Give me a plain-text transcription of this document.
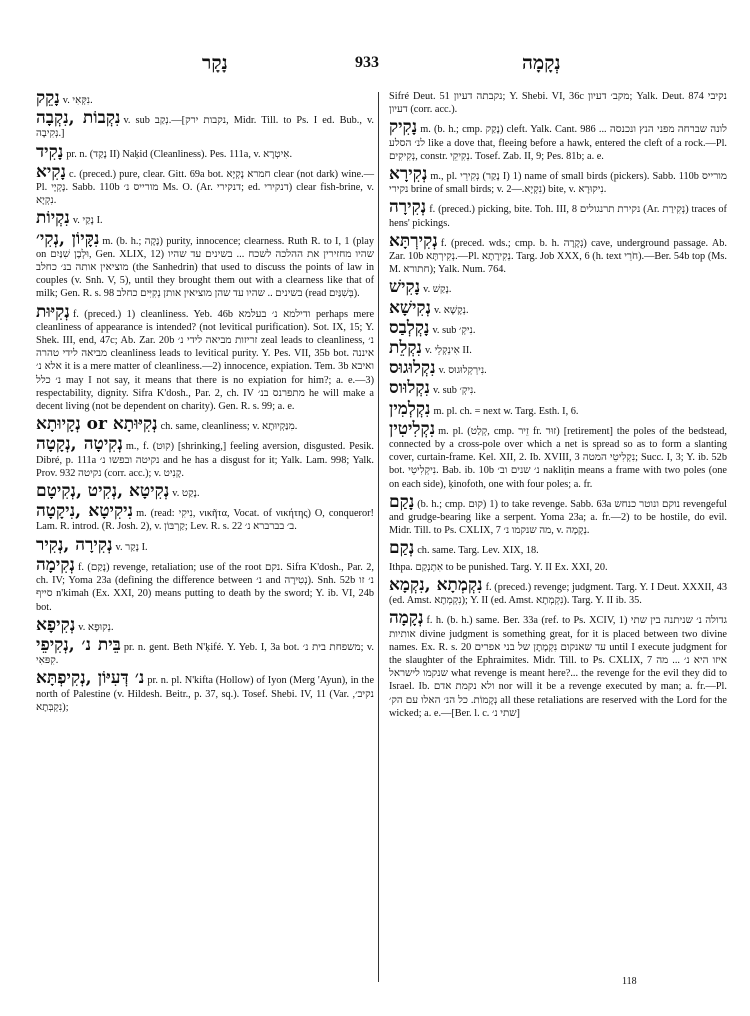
נָקָר	933	נְקָמָה

נָקֵק v. נִקְּאִי.

נִקְבוֹת ,נִקְבָה v. sub נְקַב.—[נקבות ירק, Midr. Till. to Ps. I ed. Bub., v. נְקִיבָה.]

נָקִיד pr. n. (נָקַד II) Naḳid (Cleanliness). Pes. 111a, v. אִיטְרָא.

נָקִיא c. (preced.) pure, clear. Gitt. 69a bot. חמרא נָקְיָא clear (not dark) wine.—Pl. נָקְיָי. Sabb. 110b מורייס נ׳ Ms. O. (Ar. דנקירי; ed. דנקירי) clear fish-brine, v. נִקְיָא.

נִקְיוֹת v. נָקַי I.

נִקָּיוֹן ,נְקִי׳ m. (b. h.; נָקָה) purity, innocence; clearness. Ruth R. to I, 1 (play on וּלְבֶן שִׁנַּיִם, Gen. XLIX, 12) שהיו מחזירין את ההלכה לשכח ... בשינים עד שהיו מוציאין אותה בנ׳ כחלב (the Sanhedrin) that used to discuss the points of law in couples (v. Snh. V, 5), until they brought them out with a clearness like that of milk; Gen. R. s. 98 בשינים .. שהיו עד שהן מוציאין אותן נְקִיִּים כחלב (read בְּשִׁנַּיִם).

נְקִיּוּת f. (preced.) 1) cleanliness. Yeb. 46b ודילמא נ׳ בעלמא perhaps mere cleanliness of appearance is intended? (not levitical purification). Sot. IX, 15; Y. Shek. III, end, 47c; Ab. Zar. 20b זריזות מביאה לידי נ׳ zeal leads to cleanliness, נ׳ מביאה לידי טהרה cleanliness leads to levitical purity. Y. Pes. VII, 35b bot. איננה אלא נ׳ it is a mere matter of cleanliness.—2) innocence, expiation. Tem. 3b ואיבא נ׳ כלל may I not say, it means that there is no expiation for him?; a. e.—3) respectability, dignity. Sifra K'dosh., Par. 2, ch. IV מתפרנס בנ׳ he will make a decent living (not be dependent on charity). Gen. R. s. 99; a. e.

נְקִיּוּתָא or נְקָיוּתָא ch. same, cleanliness; v. מִנַּקְיוּתָא.

נְקִיטָה ,נְקָטָה m., f. (קוּט) [shrinking,] feeling aversion, disgusted. Pesik. Dibré, p. 111a נקיטה ובפשו נ׳ and he has a disgust for it; Yalk. Lam. 998; Yalk. Prov. 932 נקיטה (corr. acc.); v. קָנִיט.

נְקִיטָא ,נְקִיט ,נְקִיטָם v. נָקַט.

נִיקִיטָא ,נִיקָטָה m. (read: נִיקִי, νικῆτα, Vocat. of νικήτης) O, conqueror! Lam. R. introd. (R. Josh. 2), v. קַרְבּוֹן; Lev. R. s. 22 ב׳ בברברא נ׳.

נְקִירָה ,נְקִיר v. נָקַר I.

נְקִימָה f. (נָקַם) revenge, retaliation; use of the root נקם. Sifra K'dosh., Par. 2, ch. IV; Yoma 23a (defining the difference between נ׳ and נְטִירָה). Snh. 52b נ׳ זו סייף n'kimah (Ex. XXI, 20) means putting to death by the sword; Y. ib. VI, 24b bot.

נְקִיפָא v. נְקוּפָא.

בֵּית נ׳ ,נְקִיפֵי pr. n. gent. Beth N'ḳifé. Y. Yeb. I, 3a bot. משפחת בית נ׳; v. קִפּאִי.

נ׳ דְּעִיּוֹן ,נְקִיפְתָּא pr. n. pl. N'kifta (Hollow) of Iyon (Merg 'Ayun), in the north of Palestine (v. Hildesh. Beitr., p. 37, sq.). Tosef. Shebi. IV, 11 (Var. נקיב׳, נִקְבְּתָא);

Sifré Deut. 51 נקבתה דעיון; Y. Shebi. VI, 36c מקב׳ דעיון; Yalk. Deut. 874 נקיבי דעיון (corr. acc.).

נָקִיק m. (b. h.; cmp. נָקַק) cleft. Yalk. Cant. 986 ... לונה שברחה מפני הנץ ונכנסה לנ׳ הסלע like a dove that, fleeing before a hawk, entered the cleft of a rock.—Pl. נְקִיקִים, constr. נְקִיקֵי. Tosef. Zab. II, 9; Pes. 81b; a. e.

נְקִירָא m., pl. נְקִירֵי (נָקַר I) 1) name of small birds (pickers). Sabb. 110b מורייס נקירי brine of small birds; v. נִקְיָא.—2) bite, v. נִיקוּרָא.

נְקִירָה f. (preced.) picking, bite. Toh. III, 8 נקירת תרנגולים (Ar. נְקִירַת) traces of hens' pickings.

נְקִירְתָּא f. (preced. wds.; cmp. b. h. נְקָרָה) cave, underground passage. Ab. Zar. 10b נְקִירְתָּא.—Pl. נְקִירָתָא. Targ. Job XXX, 6 (h. text חֹרֵי).—Ber. 54b top (Ms. M. חתורא); Yalk. Num. 764.

נָקִישׁ v. נָקַשׁ.

נְקִישָׁא v. נְקָשָׁא.

נָקְלְבַס v. sub נִיקְ׳.

נִקְלֵת v. אִינְקְלֵי II.

נִקְלוּגוּס v. נִירְקְלוּגוּס.

נִקְלוּוס v. sub נִיקְ׳.

נִקְלְמִין m. pl. ch. = next w. Targ. Esth. I, 6.

נִקְלִיטִין m. pl. (קְלַט, cmp. זֵיר fr. זוּר) [retirement] the poles of the bedstead, connected by a cross-pole over which a net is spread so as to form a slanting cover, curtain-frame. Kel. XII, 2. Ib. XVIII, 3 נִקְלִיטֵי המטה; Succ. I, 3; Y. ib. 52b bot. נִיקְלִיטֵי. Bab. ib. 10b נ׳ שנים וב׳ nakliṭin means a frame with two poles (one on each side), ḳinofoth, one with four poles; a. fr.

נָקַם (b. h.; cmp. קוּם) 1) to take revenge. Sabb. 63a נוקם ונוטר כנחש revengeful and grudge-bearing like a serpent. Yoma 23a; a. fr.—2) to be hostile, do evil. Midr. Till. to Ps. CXLIX, 7 מה שנקמו נ׳, v. נְקָמָה.

נְקַם ch. same. Targ. Lev. XIX, 18.

Ithpa. אִתְנְקַם to be punished. Targ. Y. II Ex. XXI, 20.

נִקְמְתָא ,נִקְמָא f. (preced.) revenge; judgment. Targ. Y. I Deut. XXXII, 43 (ed. Amst. נִקְמְתָא); Y. II (ed. Amst. נִקְמְתָא). Targ. Y. II ib. 35.

נְקָמָה f. h. (b. h.) same. Ber. 33a (ref. to Ps. XCIV, 1) גדולה נ׳ שניתנה בין שתי אותיות divine judgment is something great, for it is placed between two divine names. Ex. R. s. 20 עד שאנקום נִקְמָתָן של בני אפרים until I execute judgment for the slaughter of the Ephraimites. Midr. Till. to Ps. CXLIX, 7 איזו היא נ׳ ... מה שנקמו לישראל what revenge is meant here?... the revenge for the evil they did to Israel. Ib. ולא נקמת אדם nor will it be a revenge executed by man; a. fr.—Pl. נְקָמוֹת. כל הנ׳ האלו עם הק׳ all these retaliations are reserved with the Lord for the wicked; a. e.—[Ber. l. c. שתי נ׳]

118
